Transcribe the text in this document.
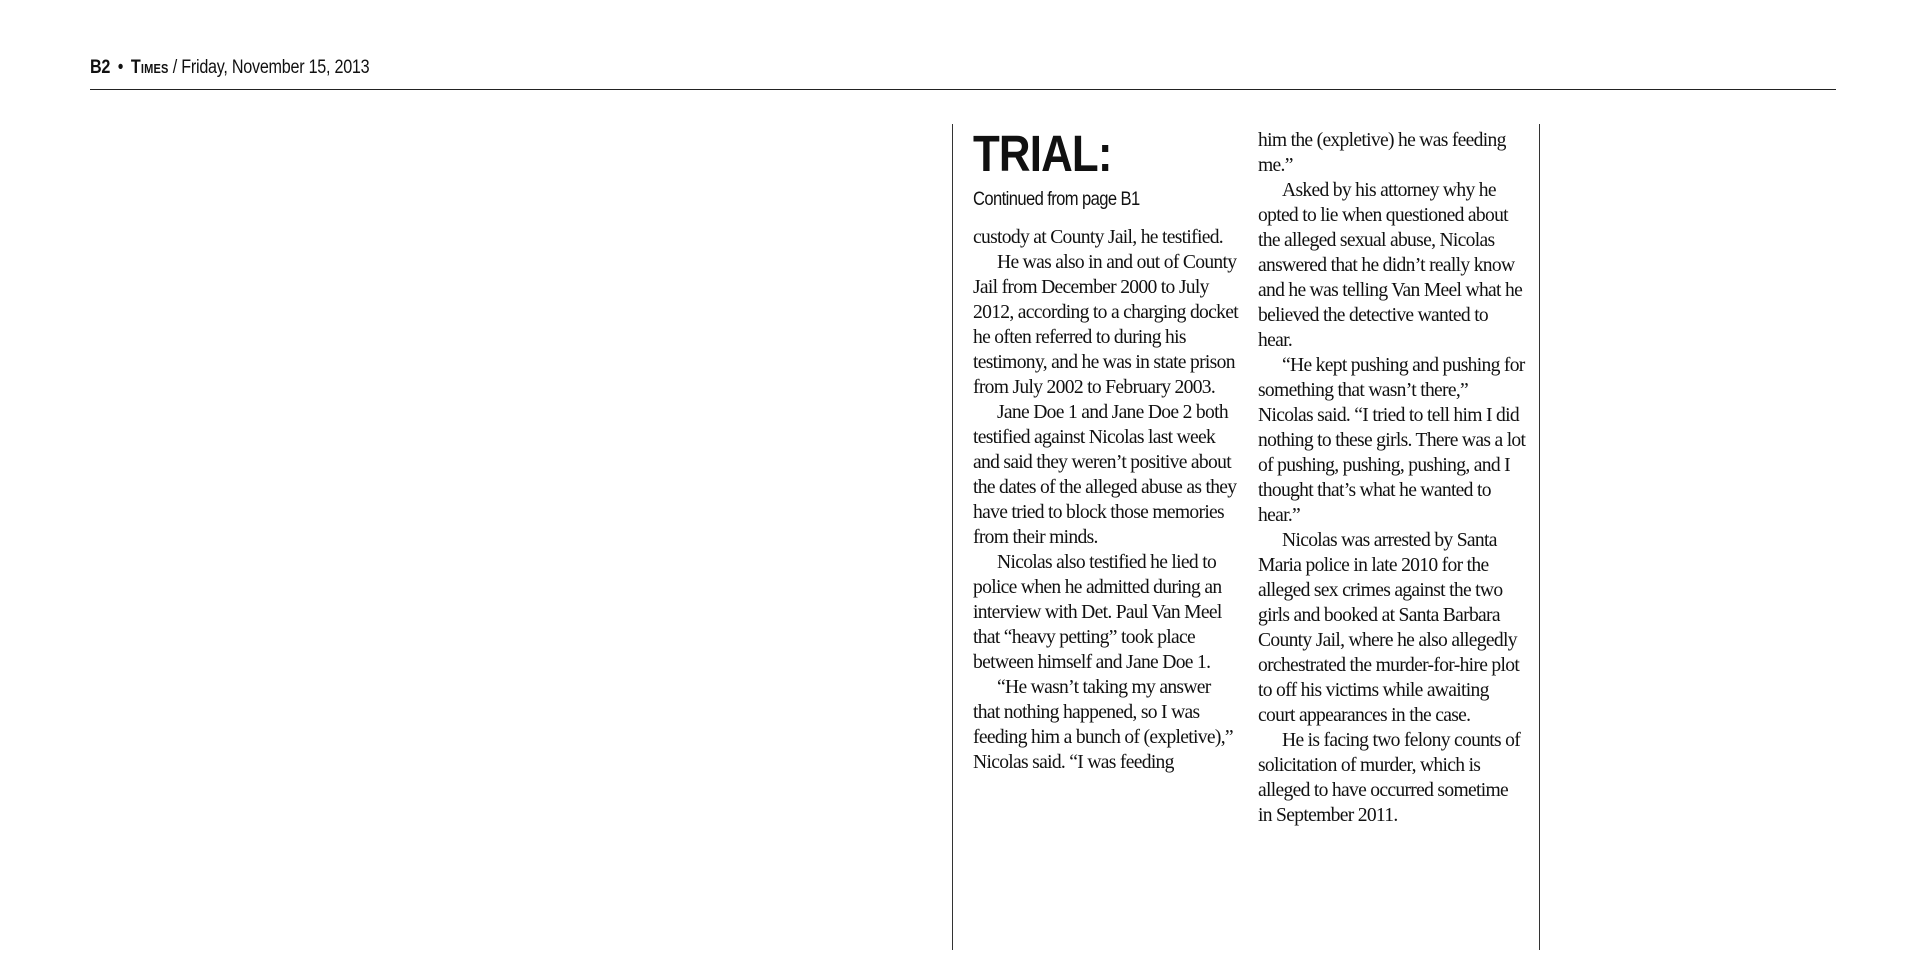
B2 • Times / Friday, November 15, 2013
TRIAL:
Continued from page B1

custody at County Jail, he testified.

He was also in and out of County Jail from December 2000 to July 2012, according to a charging docket he often referred to during his testimony, and he was in state prison from July 2002 to February 2003.

Jane Doe 1 and Jane Doe 2 both testified against Nicolas last week and said they weren’t positive about the dates of the alleged abuse as they have tried to block those memories from their minds.

Nicolas also testified he lied to police when he admitted during an interview with Det. Paul Van Meel that “heavy petting” took place between himself and Jane Doe 1.

“He wasn’t taking my answer that nothing happened, so I was feeding him a bunch of (expletive),” Nicolas said. “I was feeding

him the (expletive) he was feeding me.”

Asked by his attorney why he opted to lie when questioned about the alleged sexual abuse, Nicolas answered that he didn’t really know and he was telling Van Meel what he believed the detective wanted to hear.

“He kept pushing and pushing for something that wasn’t there,” Nicolas said. “I tried to tell him I did nothing to these girls. There was a lot of pushing, pushing, pushing, and I thought that’s what he wanted to hear.”

Nicolas was arrested by Santa Maria police in late 2010 for the alleged sex crimes against the two girls and booked at Santa Barbara County Jail, where he also allegedly orchestrated the murder-for-hire plot to off his victims while awaiting court appearances in the case.

He is facing two felony counts of solicitation of murder, which is alleged to have occurred sometime in September 2011.
